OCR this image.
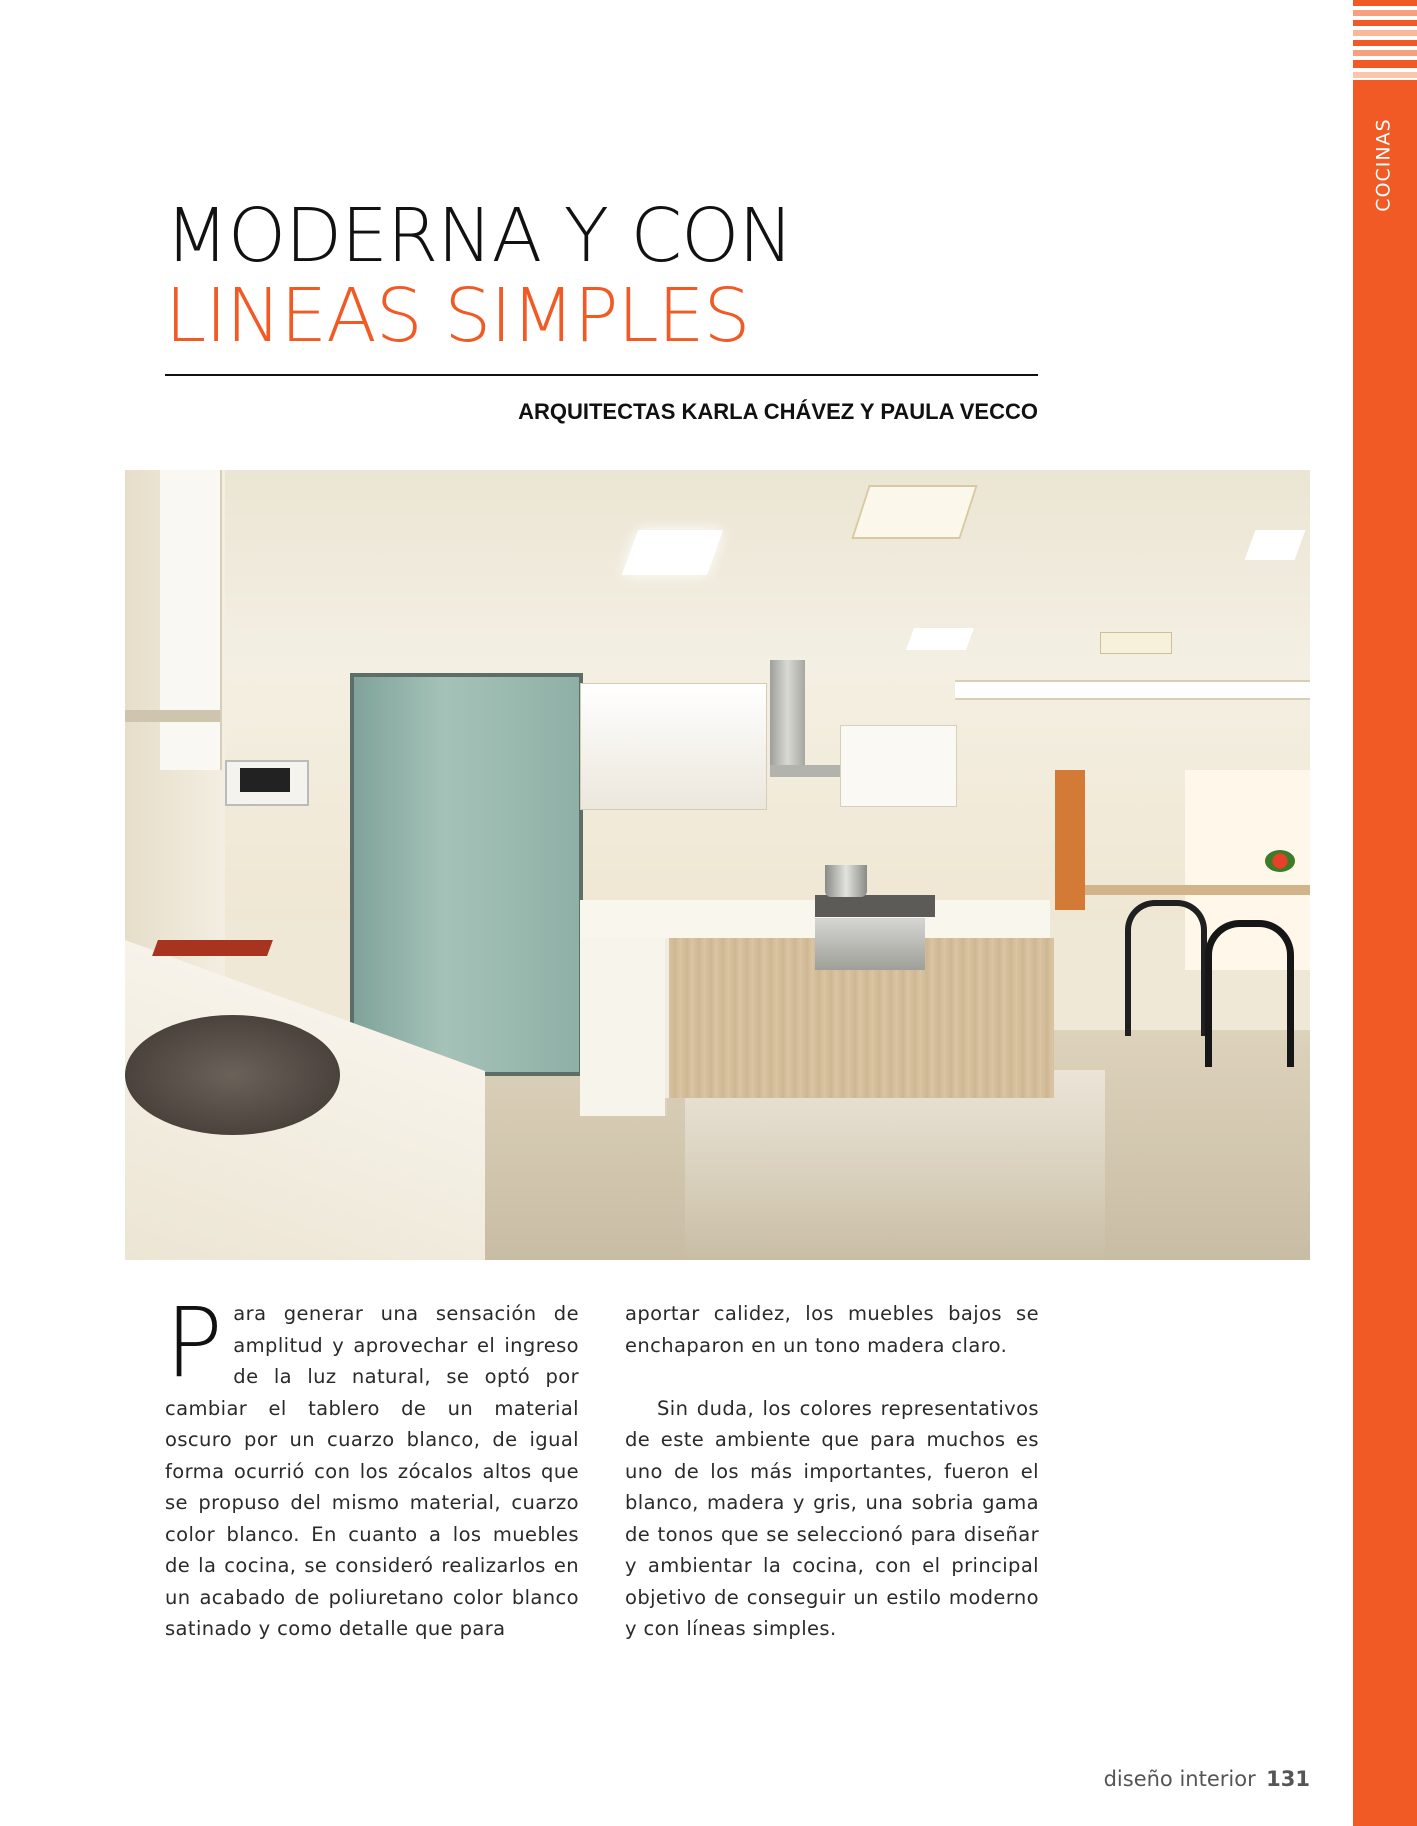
COCINAS
MODERNA Y CON
LINEAS SIMPLES
ARQUITECTAS KARLA CHÁVEZ Y PAULA VECCO

Para generar una sensación de amplitud y aprovechar el ingreso de la luz natural, se optó por cambiar el tablero de un material oscuro por un cuarzo blanco, de igual forma ocurrió con los zócalos altos que se propuso del mismo material, cuarzo color blanco. En cuanto a los muebles de la cocina, se consideró realizarlos en un acabado de poliuretano color blanco satinado y como detalle que para

aportar calidez, los muebles bajos se enchaparon en un tono madera claro.

Sin duda, los colores representativos de este ambiente que para muchos es uno de los más importantes, fueron el blanco, madera y gris, una sobria gama de tonos que se seleccionó para diseñar y ambientar la cocina, con el principal objetivo de conseguir un estilo moderno y con líneas simples.

diseño interior 131
